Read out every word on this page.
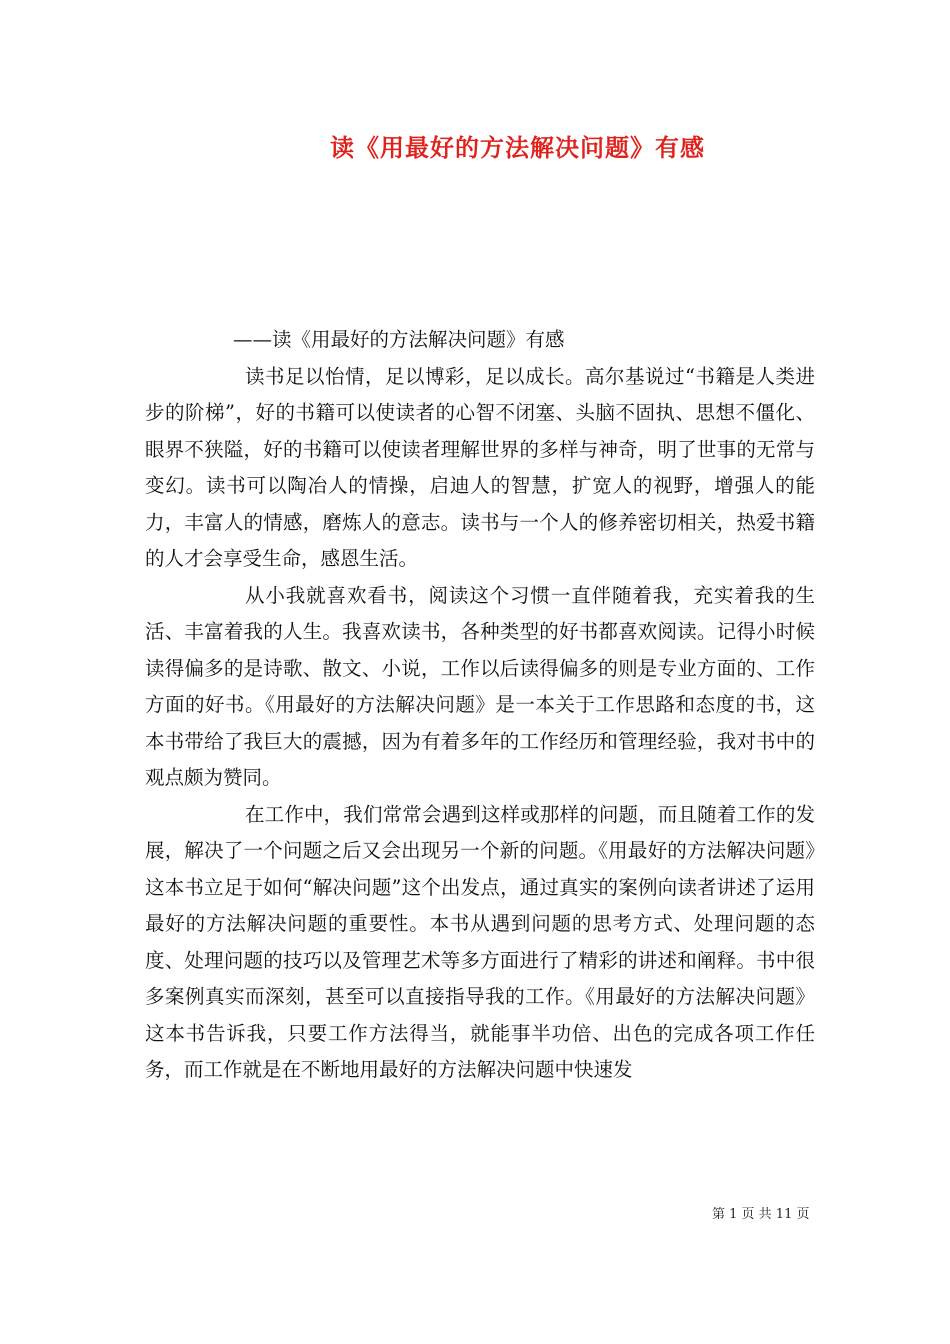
读《用最好的方法解决问题》有感

——读《用最好的方法解决问题》有感

读书足以怡情，足以博彩，足以成长。高尔基说过“书籍是人类进步的阶梯”，好的书籍可以使读者的心智不闭塞、头脑不固执、思想不僵化、眼界不狭隘，好的书籍可以使读者理解世界的多样与神奇，明了世事的无常与变幻。读书可以陶冶人的情操，启迪人的智慧，扩宽人的视野，增强人的能力，丰富人的情感，磨炼人的意志。读书与一个人的修养密切相关，热爱书籍的人才会享受生命，感恩生活。

从小我就喜欢看书，阅读这个习惯一直伴随着我，充实着我的生活、丰富着我的人生。我喜欢读书，各种类型的好书都喜欢阅读。记得小时候读得偏多的是诗歌、散文、小说，工作以后读得偏多的则是专业方面的、工作方面的好书。《用最好的方法解决问题》是一本关于工作思路和态度的书，这本书带给了我巨大的震撼，因为有着多年的工作经历和管理经验，我对书中的观点颇为赞同。

在工作中，我们常常会遇到这样或那样的问题，而且随着工作的发展，解决了一个问题之后又会出现另一个新的问题。《用最好的方法解决问题》这本书立足于如何“解决问题”这个出发点，通过真实的案例向读者讲述了运用最好的方法解决问题的重要性。本书从遇到问题的思考方式、处理问题的态度、处理问题的技巧以及管理艺术等多方面进行了精彩的讲述和阐释。书中很多案例真实而深刻，甚至可以直接指导我的工作。《用最好的方法解决问题》这本书告诉我，只要工作方法得当，就能事半功倍、出色的完成各项工作任务，而工作就是在不断地用最好的方法解决问题中快速发

第 1 页 共 11 页
